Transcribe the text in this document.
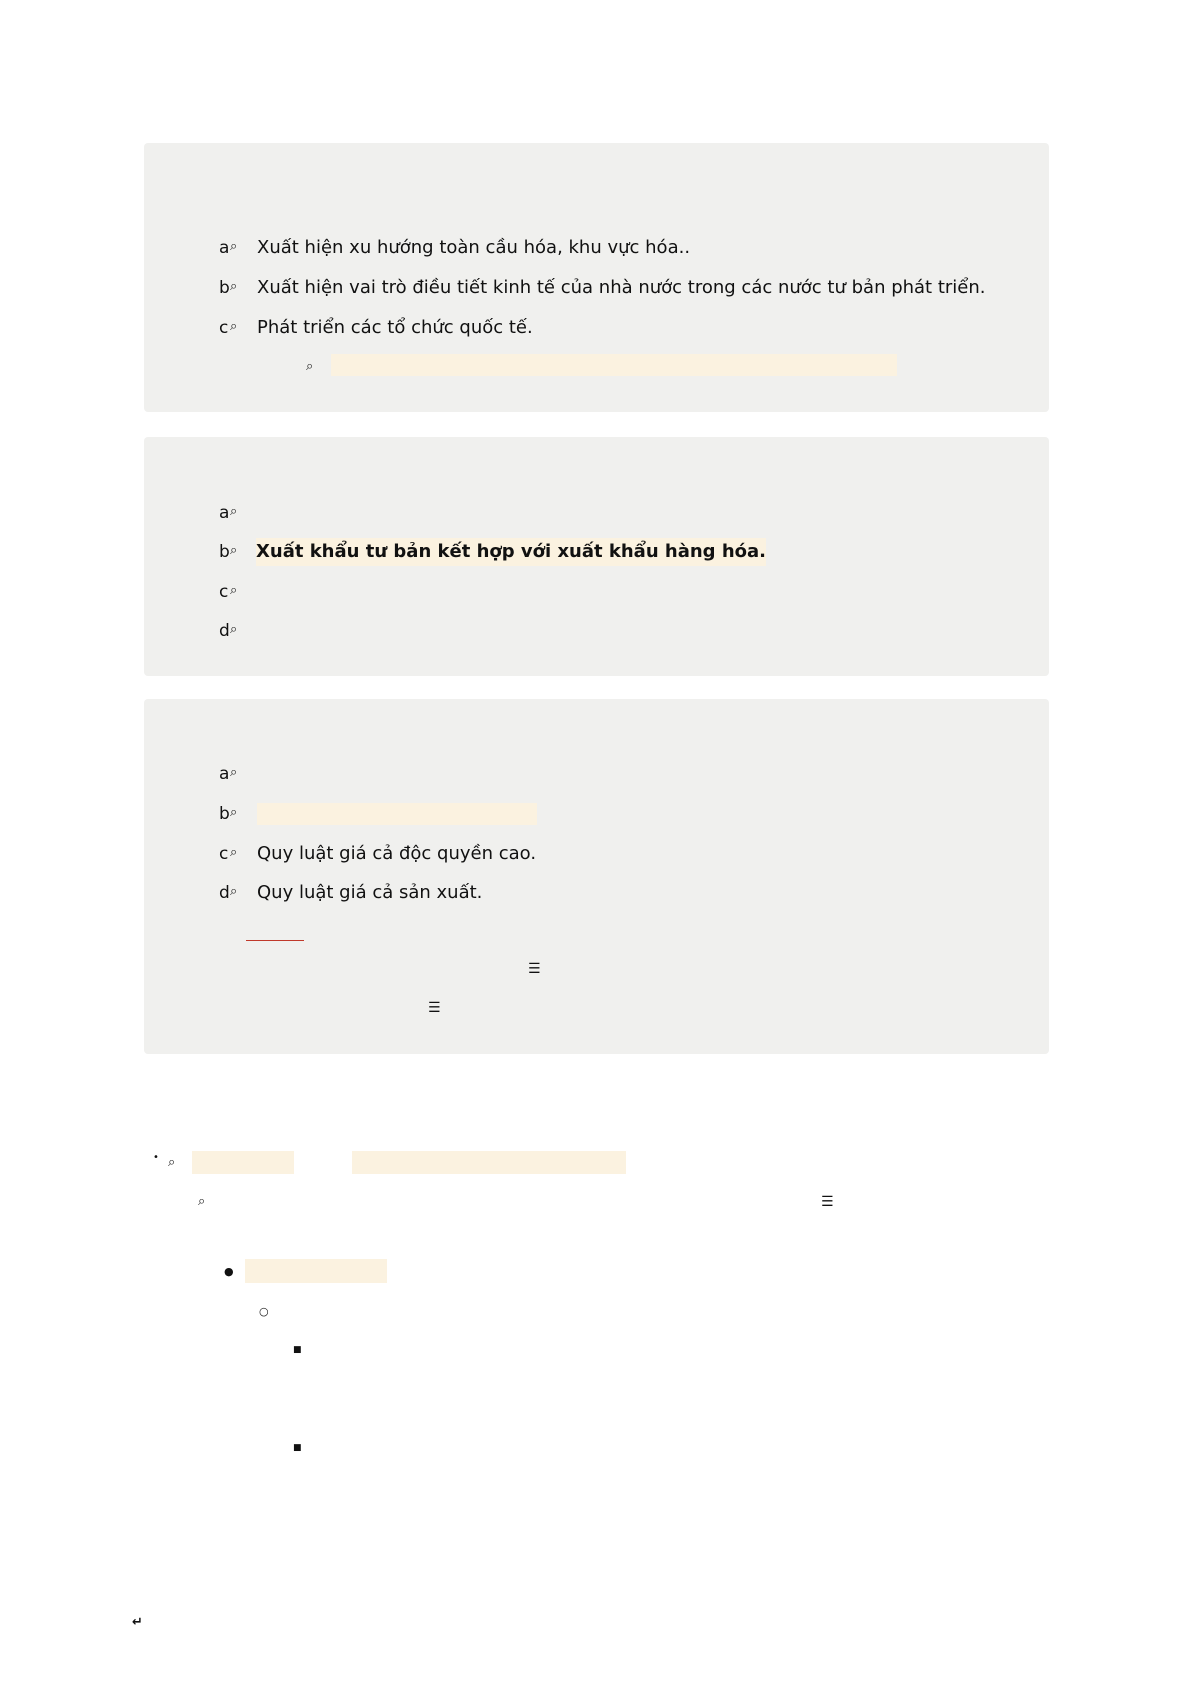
a ⌕ Xuất hiện xu hướng toàn cầu hóa, khu vực hóa..
b ⌕ Xuất hiện vai trò điều tiết kinh tế của nhà nước trong các nước tư bản phát triển.
c ⌕ Phát triển các tổ chức quốc tế.
⌕
a ⌕
b ⌕ Xuất khẩu tư bản kết hợp với xuất khẩu hàng hóa.
c ⌕
d ⌕
a ⌕
b ⌕
c ⌕ Quy luật giá cả độc quyền cao.
d ⌕ Quy luật giá cả sản xuất.
☰
☰
• ⌕
⌕	☰
●
○
■
■
↵
